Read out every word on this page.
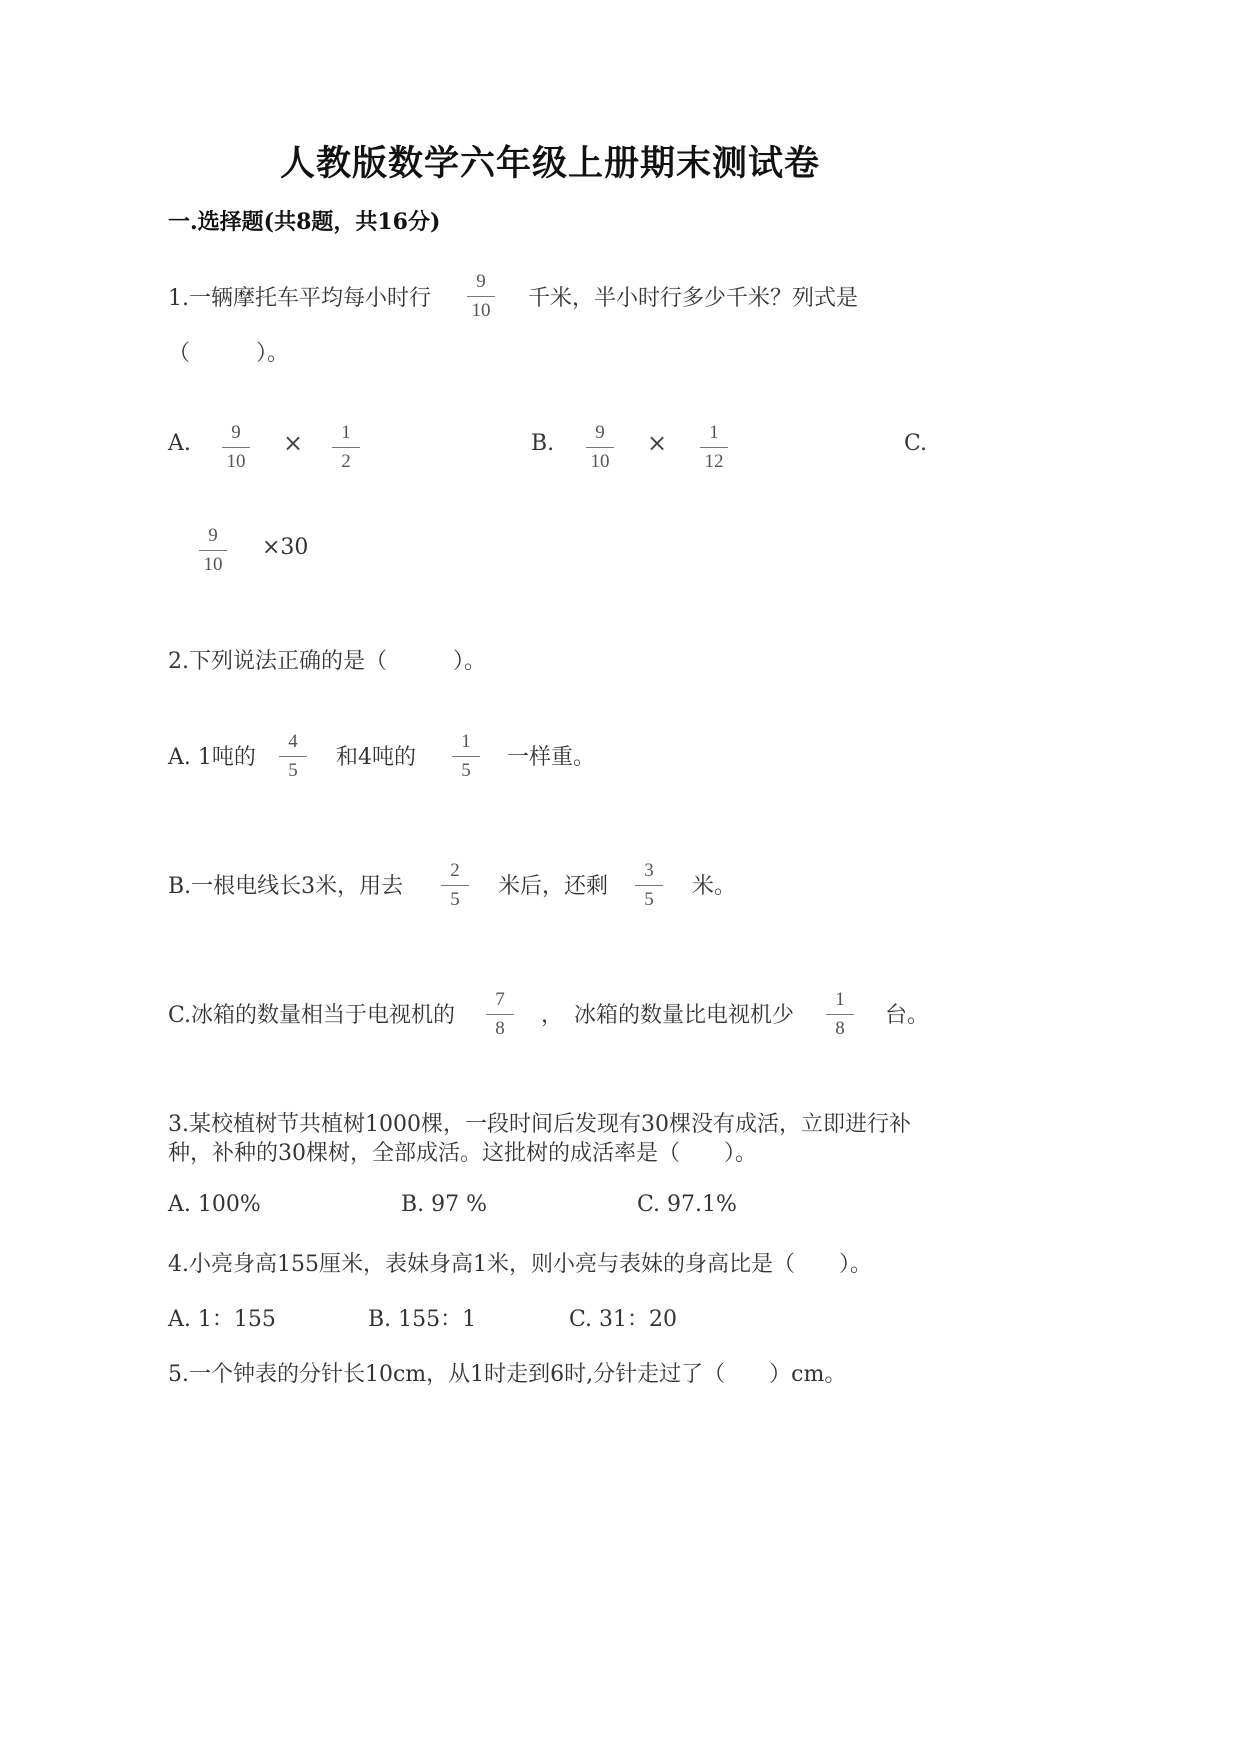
人教版数学六年级上册期末测试卷
一.选择题(共8题，共16分)
1.一辆摩托车平均每小时行
9
10	千米，半小时行多少千米？列式是
（　　　）。
A.	9
10
×	1
2
B.	9
10
×	1
12
C.
9
10
×30
2.下列说法正确的是（　　　）。
A. 1吨的
4
5
和4吨的
1
5
一样重。
B.一根电线长3米，用去
2
5
米后，还剩
3
5
米。
C.冰箱的数量相当于电视机的
7
8
，　冰箱的数量比电视机少
1
8
台。
3.某校植树节共植树1000棵，一段时间后发现有30棵没有成活，立即进行补
种，补种的30棵树，全部成活。这批树的成活率是（　　）。
A. 100%	B. 97 %	C. 97.1%
4.小亮身高155厘米，表妹身高1米，则小亮与表妹的身高比是（　　）。
A. 1：155	B. 155：1	C. 31：20
5.一个钟表的分针长10cm，从1时走到6时,分针走过了（　　）cm。
